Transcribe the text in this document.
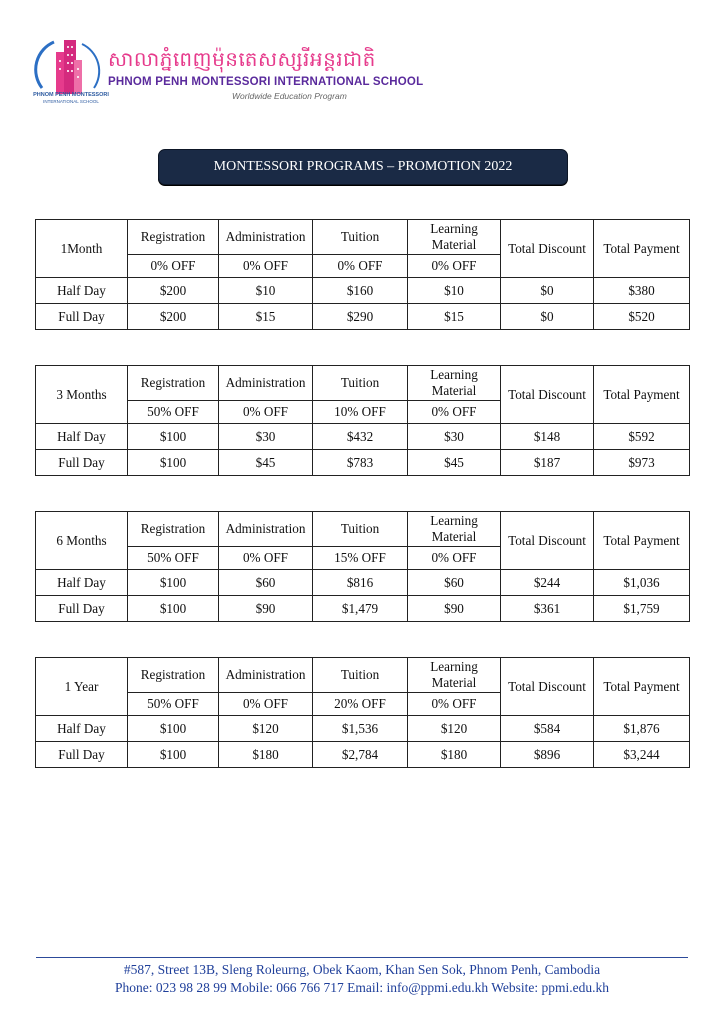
PHNOM PENH MONTESSORI
INTERNATIONAL SCHOOL
សាលាភ្នំពេញម៉ុនតេសស្សរីអន្តរជាតិ
PHNOM PENH MONTESSORI INTERNATIONAL SCHOOL
Worldwide Education Program
MONTESSORI PROGRAMS – PROMOTION 2022
1Month	Registration	Administration	Tuition	Learning Material	Total Discount	Total Payment
	0% OFF	0% OFF	0% OFF	0% OFF		
Half Day	$200	$10	$160	$10	$0	$380
Full Day	$200	$15	$290	$15	$0	$520
3 Months	Registration	Administration	Tuition	Learning Material	Total Discount	Total Payment
	50% OFF	0% OFF	10% OFF	0% OFF		
Half Day	$100	$30	$432	$30	$148	$592
Full Day	$100	$45	$783	$45	$187	$973
6 Months	Registration	Administration	Tuition	Learning Material	Total Discount	Total Payment
	50% OFF	0% OFF	15% OFF	0% OFF		
Half Day	$100	$60	$816	$60	$244	$1,036
Full Day	$100	$90	$1,479	$90	$361	$1,759
1 Year	Registration	Administration	Tuition	Learning Material	Total Discount	Total Payment
	50% OFF	0% OFF	20% OFF	0% OFF		
Half Day	$100	$120	$1,536	$120	$584	$1,876
Full Day	$100	$180	$2,784	$180	$896	$3,244
#587, Street 13B, Sleng Roleurng, Obek Kaom, Khan Sen Sok, Phnom Penh, Cambodia
Phone: 023 98 28 99 Mobile: 066 766 717 Email: info@ppmi.edu.kh Website: ppmi.edu.kh
